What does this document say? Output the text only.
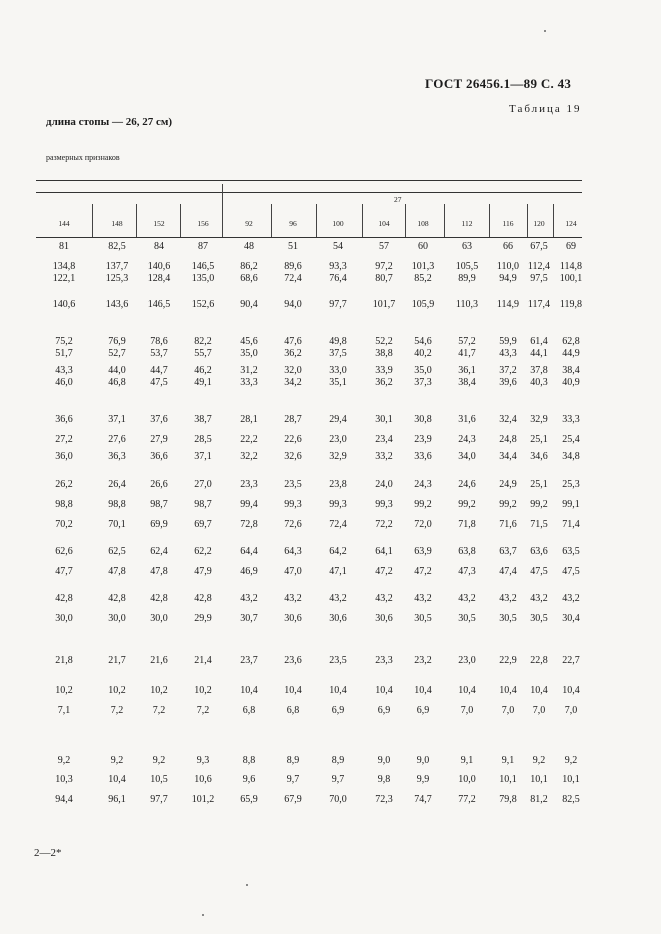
ГОСТ 26456.1—89 С. 43
Таблица 19
длина стопы — 26, 27 см)
размерных признаков
27
144	148	152	156	92	96	100	104	108	112	116	120	124
81	82,5	84	87	48	51	54	57	60	63	66	67,5	69
134,8	137,7	140,6	146,5	86,2	89,6	93,3	97,2	101,3	105,5	110,0 112,4 114,8
122,1	125,3	128,4	135,0	68,6	72,4	76,4	80,7	85,2	89,9	94,9	97,5	100,1
140,6	143,6	146,5	152,6	90,4	94,0	97,7	101,7	105,9	110,3	114,9 117,4 119,8
75,2	76,9	78,6	82,2	45,6	47,6	49,8	52,2	54,6	57,2	59,9	61,4	62,8
51,7	52,7	53,7	55,7	35,0	36,2	37,5	38,8	40,2	41,7	43,3	44,1	44,9
43,3	44,0	44,7	46,2	31,2	32,0	33,0	33,9	35,0	36,1	37,2	37,8	38,4
46,0	46,8	47,5	49,1	33,3	34,2	35,1	36,2	37,3	38,4	39,6	40,3	40,9
36,6	37,1	37,6	38,7	28,1	28,7	29,4	30,1	30,8	31,6	32,4	32,9	33,3
27,2	27,6	27,9	28,5	22,2	22,6	23,0	23,4	23,9	24,3	24,8	25,1	25,4
36,0	36,3	36,6	37,1	32,2	32,6	32,9	33,2	33,6	34,0	34,4	34,6	34,8
26,2	26,4	26,6	27,0	23,3	23,5	23,8	24,0	24,3	24,6	24,9	25,1	25,3
98,8	98,8	98,7	98,7	99,4	99,3	99,3	99,3	99,2	99,2	99,2	99,2	99,1
70,2	70,1	69,9	69,7	72,8	72,6	72,4	72,2	72,0	71,8	71,6	71,5	71,4
62,6	62,5	62,4	62,2	64,4	64,3	64,2	64,1	63,9	63,8	63,7	63,6	63,5
47,7	47,8	47,8	47,9	46,9	47,0	47,1	47,2	47,2	47,3	47,4	47,5	47,5
42,8	42,8	42,8	42,8	43,2	43,2	43,2	43,2	43,2	43,2	43,2	43,2	43,2
30,0	30,0	30,0	29,9	30,7	30,6	30,6	30,6	30,5	30,5	30,5	30,5	30,4
21,8	21,7	21,6	21,4	23,7	23,6	23,5	23,3	23,2	23,0	22,9	22,8	22,7
10,2	10,2	10,2	10,2	10,4	10,4	10,4	10,4	10,4	10,4	10,4	10,4	10,4
7,1	7,2	7,2	7,2	6,8	6,8	6,9	6,9	6,9	7,0	7,0	7,0	7,0
9,2	9,2	9,2	9,3	8,8	8,9	8,9	9,0	9,0	9,1	9,1	9,2	9,2
10,3	10,4	10,5	10,6	9,6	9,7	9,7	9,8	9,9	10,0	10,1	10,1	10,1
94,4	96,1	97,7	101,2	65,9	67,9	70,0	72,3	74,7	77,2	79,8	81,2	82,5
2—2*
